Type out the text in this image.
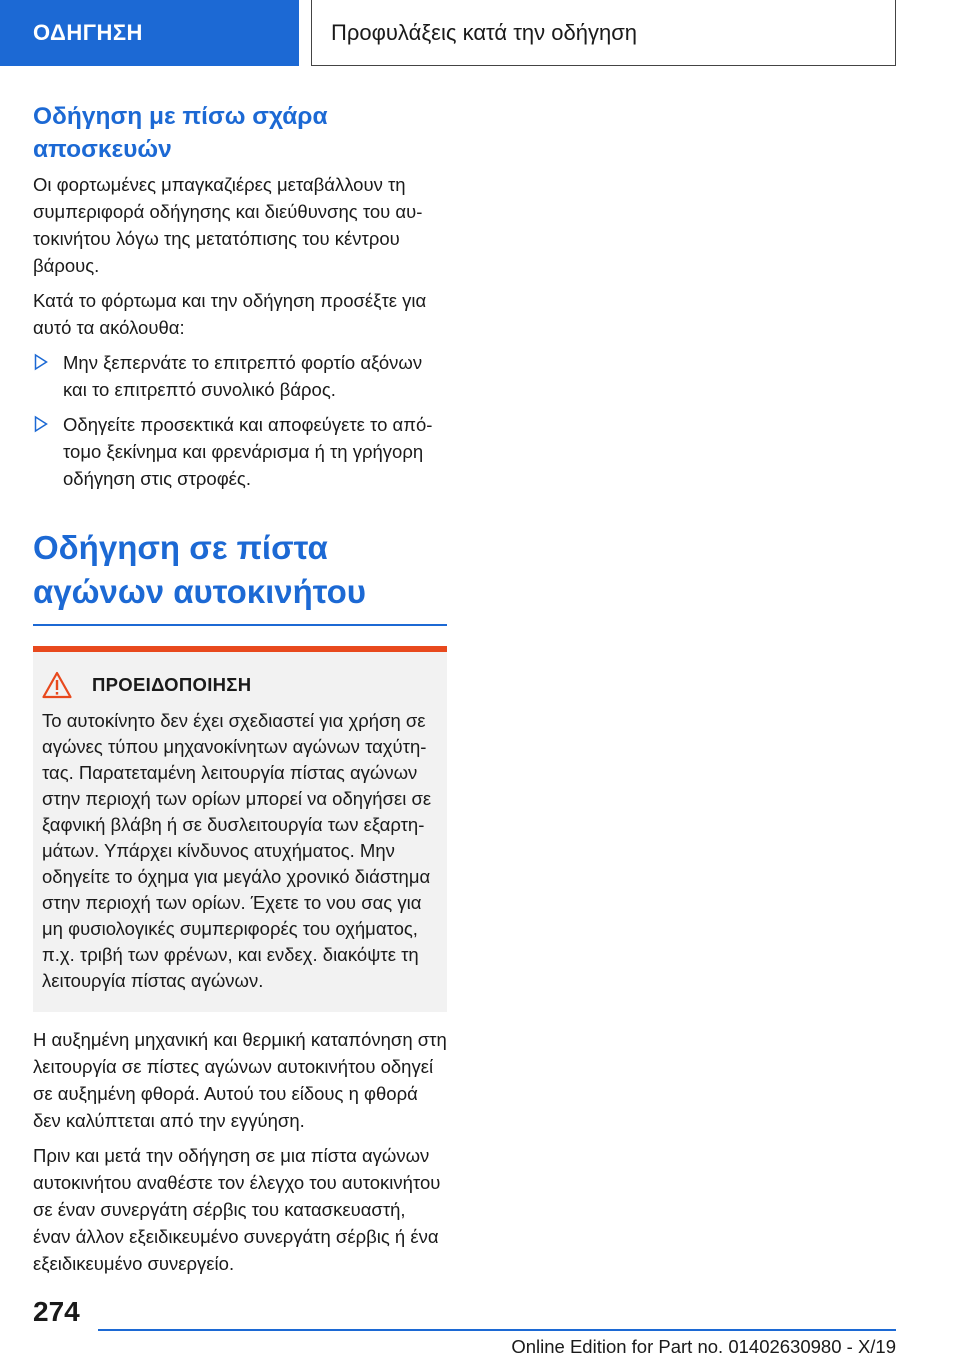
ΟΔΗΓΗΣΗ	Προφυλάξεις κατά την οδήγηση
Οδήγηση με πίσω σχάρα αποσκευών

Οι φορτωμένες μπαγκαζιέρες μεταβάλλουν τη συμπεριφορά οδήγησης και διεύθυνσης του αυτοκινήτου λόγω της μετατόπισης του κέντρου βάρους.

Κατά το φόρτωμα και την οδήγηση προσέξτε για αυτό τα ακόλουθα:

Μην ξεπερνάτε το επιτρεπτό φορτίο αξόνων και το επιτρεπτό συνολικό βάρος.
Οδηγείτε προσεκτικά και αποφεύγετε το απότομο ξεκίνημα και φρενάρισμα ή τη γρήγορη οδήγηση στις στροφές.
Οδήγηση σε πίστα αγώνων αυτοκινήτου
ΠΡΟΕΙΔΟΠΟΙΗΣΗ

Το αυτοκίνητο δεν έχει σχεδιαστεί για χρήση σε αγώνες τύπου μηχανοκίνητων αγώνων ταχύτητας. Παρατεταμένη λειτουργία πίστας αγώνων στην περιοχή των ορίων μπορεί να οδηγήσει σε ξαφνική βλάβη ή σε δυσλειτουργία των εξαρτημάτων. Υπάρχει κίνδυνος ατυχήματος. Μην οδηγείτε το όχημα για μεγάλο χρονικό διάστημα στην περιοχή των ορίων. Έχετε το νου σας για μη φυσιολογικές συμπεριφορές του οχήματος, π.χ. τριβή των φρένων, και ενδεχ. διακόψτε τη λειτουργία πίστας αγώνων.

Η αυξημένη μηχανική και θερμική καταπόνηση στη λειτουργία σε πίστες αγώνων αυτοκινήτου οδηγεί σε αυξημένη φθορά. Αυτού του είδους η φθορά δεν καλύπτεται από την εγγύηση.

Πριν και μετά την οδήγηση σε μια πίστα αγώνων αυτοκινήτου αναθέστε τον έλεγχο του αυτοκινήτου σε έναν συνεργάτη σέρβις του κατασκευαστή, έναν άλλον εξειδικευμένο συνεργάτη σέρβις ή ένα εξειδικευμένο συνεργείο.

274
Online Edition for Part no. 01402630980 - X/19
